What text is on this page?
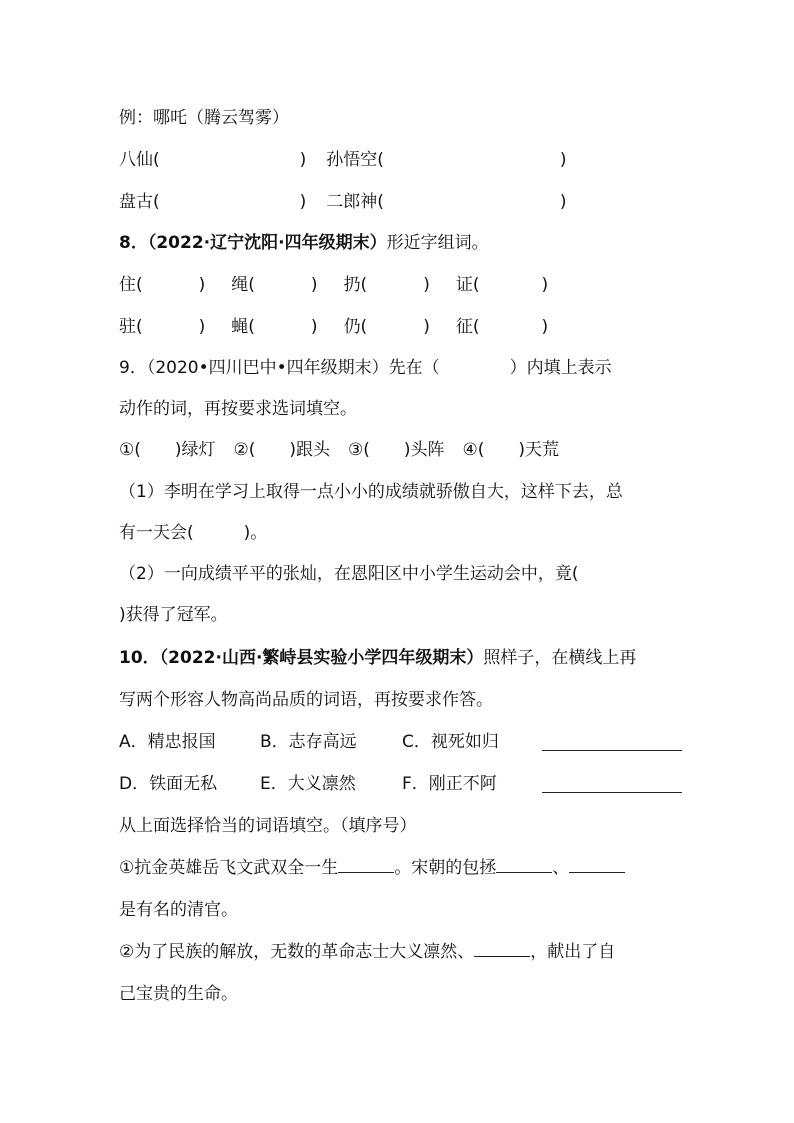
例：哪吒（腾云驾雾）
八仙(	) 孙悟空(	)
盘古(	) 二郎神(	)
8．（2022·辽宁沈阳·四年级期末）形近字组词。
住(	) 绳(	) 扔(	) 证(	)
驻(	) 蝇(	) 仍(	) 征(	)
9．（2020•四川巴中•四年级期末）先在（	）内填上表示
动作的词，再按要求选词填空。
①( )绿灯 ②( )跟头 ③( )头阵 ④( )天荒
（1）李明在学习上取得一点小小的成绩就骄傲自大，这样下去，总
有一天会(	)。
（2）一向成绩平平的张灿，在恩阳区中小学生运动会中，竟(
)获得了冠军。
10．（2022·山西·繁峙县实验小学四年级期末）照样子，在横线上再
写两个形容人物高尚品质的词语，再按要求作答。
A．精忠报国	B．志存高远	C．视死如归
D．铁面无私	E．大义凛然	F．刚正不阿
从上面选择恰当的词语填空。（填序号）
①抗金英雄岳飞文武双全一生	。宋朝的包拯	、
是有名的清官。
②为了民族的解放，无数的革命志士大义凛然、	，献出了自
己宝贵的生命。
